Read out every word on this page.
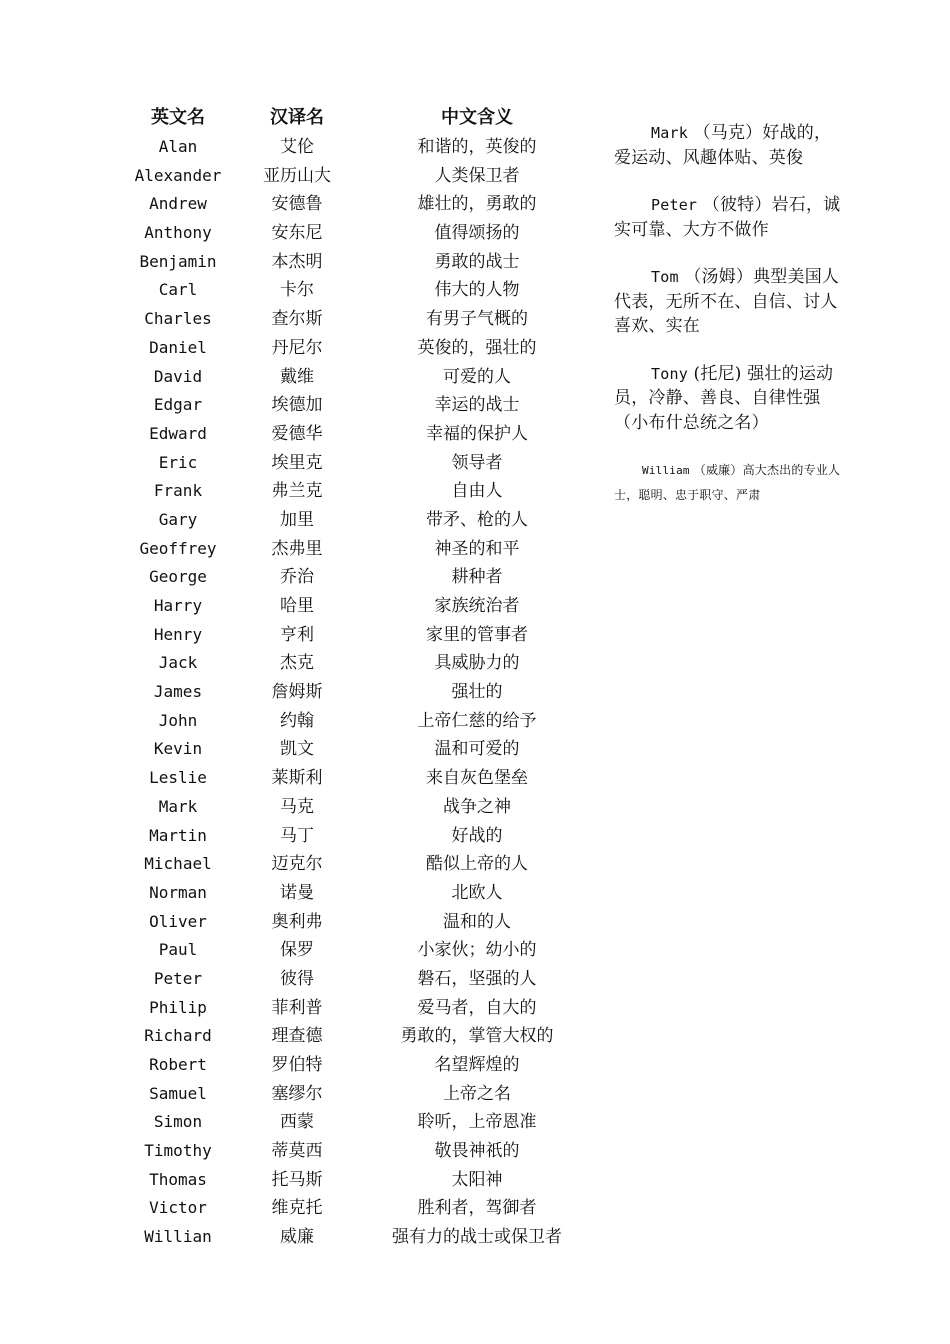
英文名	汉译名	中文含义
Alan	艾伦	和谐的，英俊的
Alexander	亚历山大	人类保卫者
Andrew	安德鲁	雄壮的，勇敢的
Anthony	安东尼	值得颂扬的
Benjamin	本杰明	勇敢的战士
Carl	卡尔	伟大的人物
Charles	查尔斯	有男子气概的
Daniel	丹尼尔	英俊的，强壮的
David	戴维	可爱的人
Edgar	埃德加	幸运的战士
Edward	爱德华	幸福的保护人
Eric	埃里克	领导者
Frank	弗兰克	自由人
Gary	加里	带矛、枪的人
Geoffrey	杰弗里	神圣的和平
George	乔治	耕种者
Harry	哈里	家族统治者
Henry	亨利	家里的管事者
Jack	杰克	具威胁力的
James	詹姆斯	强壮的
John	约翰	上帝仁慈的给予
Kevin	凯文	温和可爱的
Leslie	莱斯利	来自灰色堡垒
Mark	马克	战争之神
Martin	马丁	好战的
Michael	迈克尔	酷似上帝的人
Norman	诺曼	北欧人
Oliver	奥利弗	温和的人
Paul	保罗	小家伙；幼小的
Peter	彼得	磐石，坚强的人
Philip	菲利普	爱马者，自大的
Richard	理查德	勇敢的，掌管大权的
Robert	罗伯特	名望辉煌的
Samuel	塞缪尔	上帝之名
Simon	西蒙	聆听，上帝恩准
Timothy	蒂莫西	敬畏神祇的
Thomas	托马斯	太阳神
Victor	维克托	胜利者，驾御者
Willian	威廉	强有力的战士或保卫者

Mark （马克）好战的，爱运动、风趣体贴、英俊

Peter （彼特）岩石，诚实可靠、大方不做作

Tom （汤姆）典型美国人代表，无所不在、自信、讨人喜欢、实在

Tony (托尼) 强壮的运动员，冷静、善良、自律性强（小布什总统之名）

William （威廉）高大杰出的专业人士，聪明、忠于职守、严肃
